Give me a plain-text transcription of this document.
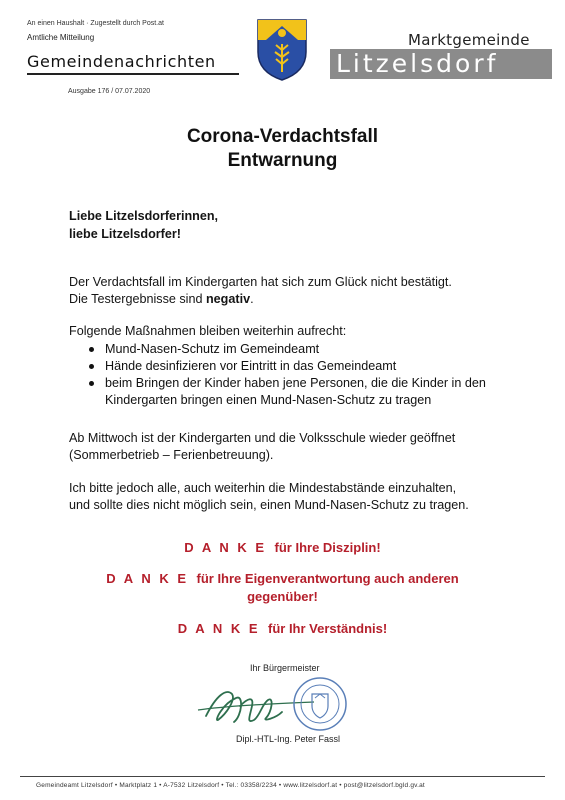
An einen Haushalt · Zugestellt durch Post.at
Amtliche Mitteilung
Gemeindenachrichten
Marktgemeinde
Litzelsdorf
Ausgabe 176 / 07.07.2020
Corona-Verdachtsfall
Entwarnung
Liebe Litzelsdorferinnen,
liebe Litzelsdorfer!
Der Verdachtsfall im Kindergarten hat sich zum Glück nicht bestätigt.
Die Testergebnisse sind negativ.
Folgende Maßnahmen bleiben weiterhin aufrecht:
Mund-Nasen-Schutz im Gemeindeamt
Hände desinfizieren vor Eintritt in das Gemeindeamt
beim Bringen der Kinder haben jene Personen, die die Kinder in den Kindergarten bringen einen Mund-Nasen-Schutz zu tragen
Ab Mittwoch ist der Kindergarten und die Volksschule wieder geöffnet
(Sommerbetrieb – Ferienbetreuung).
Ich bitte jedoch alle, auch weiterhin die Mindestabstände einzuhalten,
und sollte dies nicht möglich sein, einen Mund-Nasen-Schutz zu tragen.
D A N K E für Ihre Disziplin!
D A N K E für Ihre Eigenverantwortung auch anderen
gegenüber!
D A N K E für Ihr Verständnis!
Ihr Bürgermeister
Dipl.-HTL-Ing. Peter Fassl
Gemeindeamt Litzelsdorf • Marktplatz 1 • A-7532 Litzelsdorf • Tel.: 03358/2234 • www.litzelsdorf.at • post@litzelsdorf.bgld.gv.at
